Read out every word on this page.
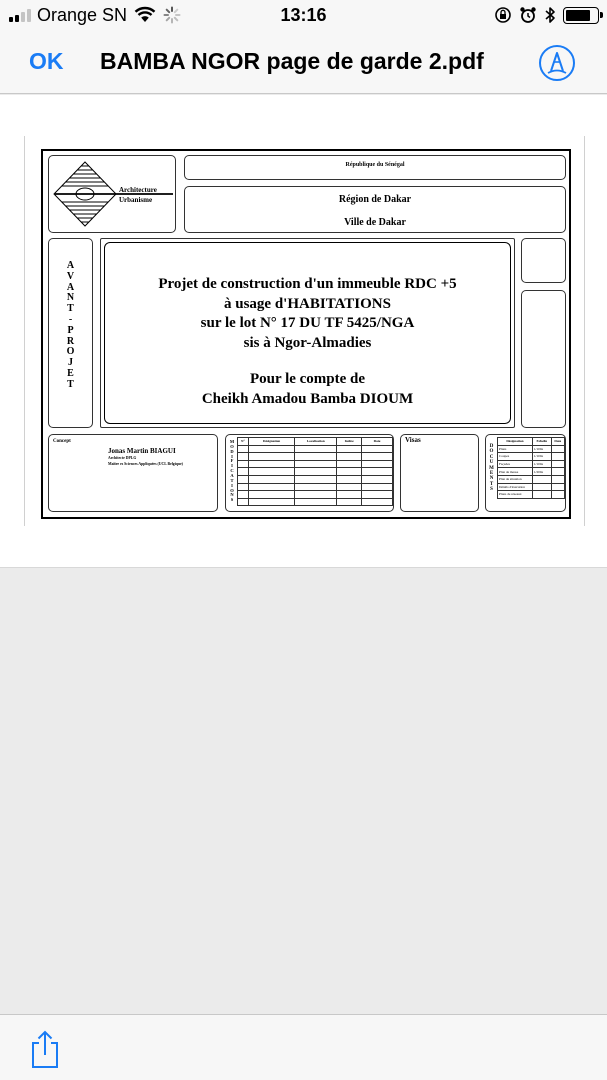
Orange SN	13:16
OK BAMBA NGOR page de garde 2.pdf
Architecture
Urbanisme
République du Sénégal
Région de Dakar
Ville de Dakar
A
V
A
N
T
-
P
R
O
J
E
T
Projet de construction d'un immeuble RDC +5
à usage d'HABITATIONS
sur le lot N° 17 DU TF 5425/NGA
sis à Ngor-Almadies
Pour le compte de
Cheikh Amadou Bamba DIOUM
Concept
Jonas Martin BIAGUI
Architecte DPLG
Maître es Sciences Appliquées (UCL Belgique)
M
O
D
I
F
I
C
A
T
I
O
N
S
N°	Désignation	Localisation	Indice	Date

					Visas
D
O
C
U
M
E
N
T
S
Désignation	Echelle	Date
Plans	1/100e	
Coupes	1/100e	
Façades	1/100e	
Plan de masse	1/200e	
Plan de situation		
Détails d'éxécution		
Plans de réseaux		
